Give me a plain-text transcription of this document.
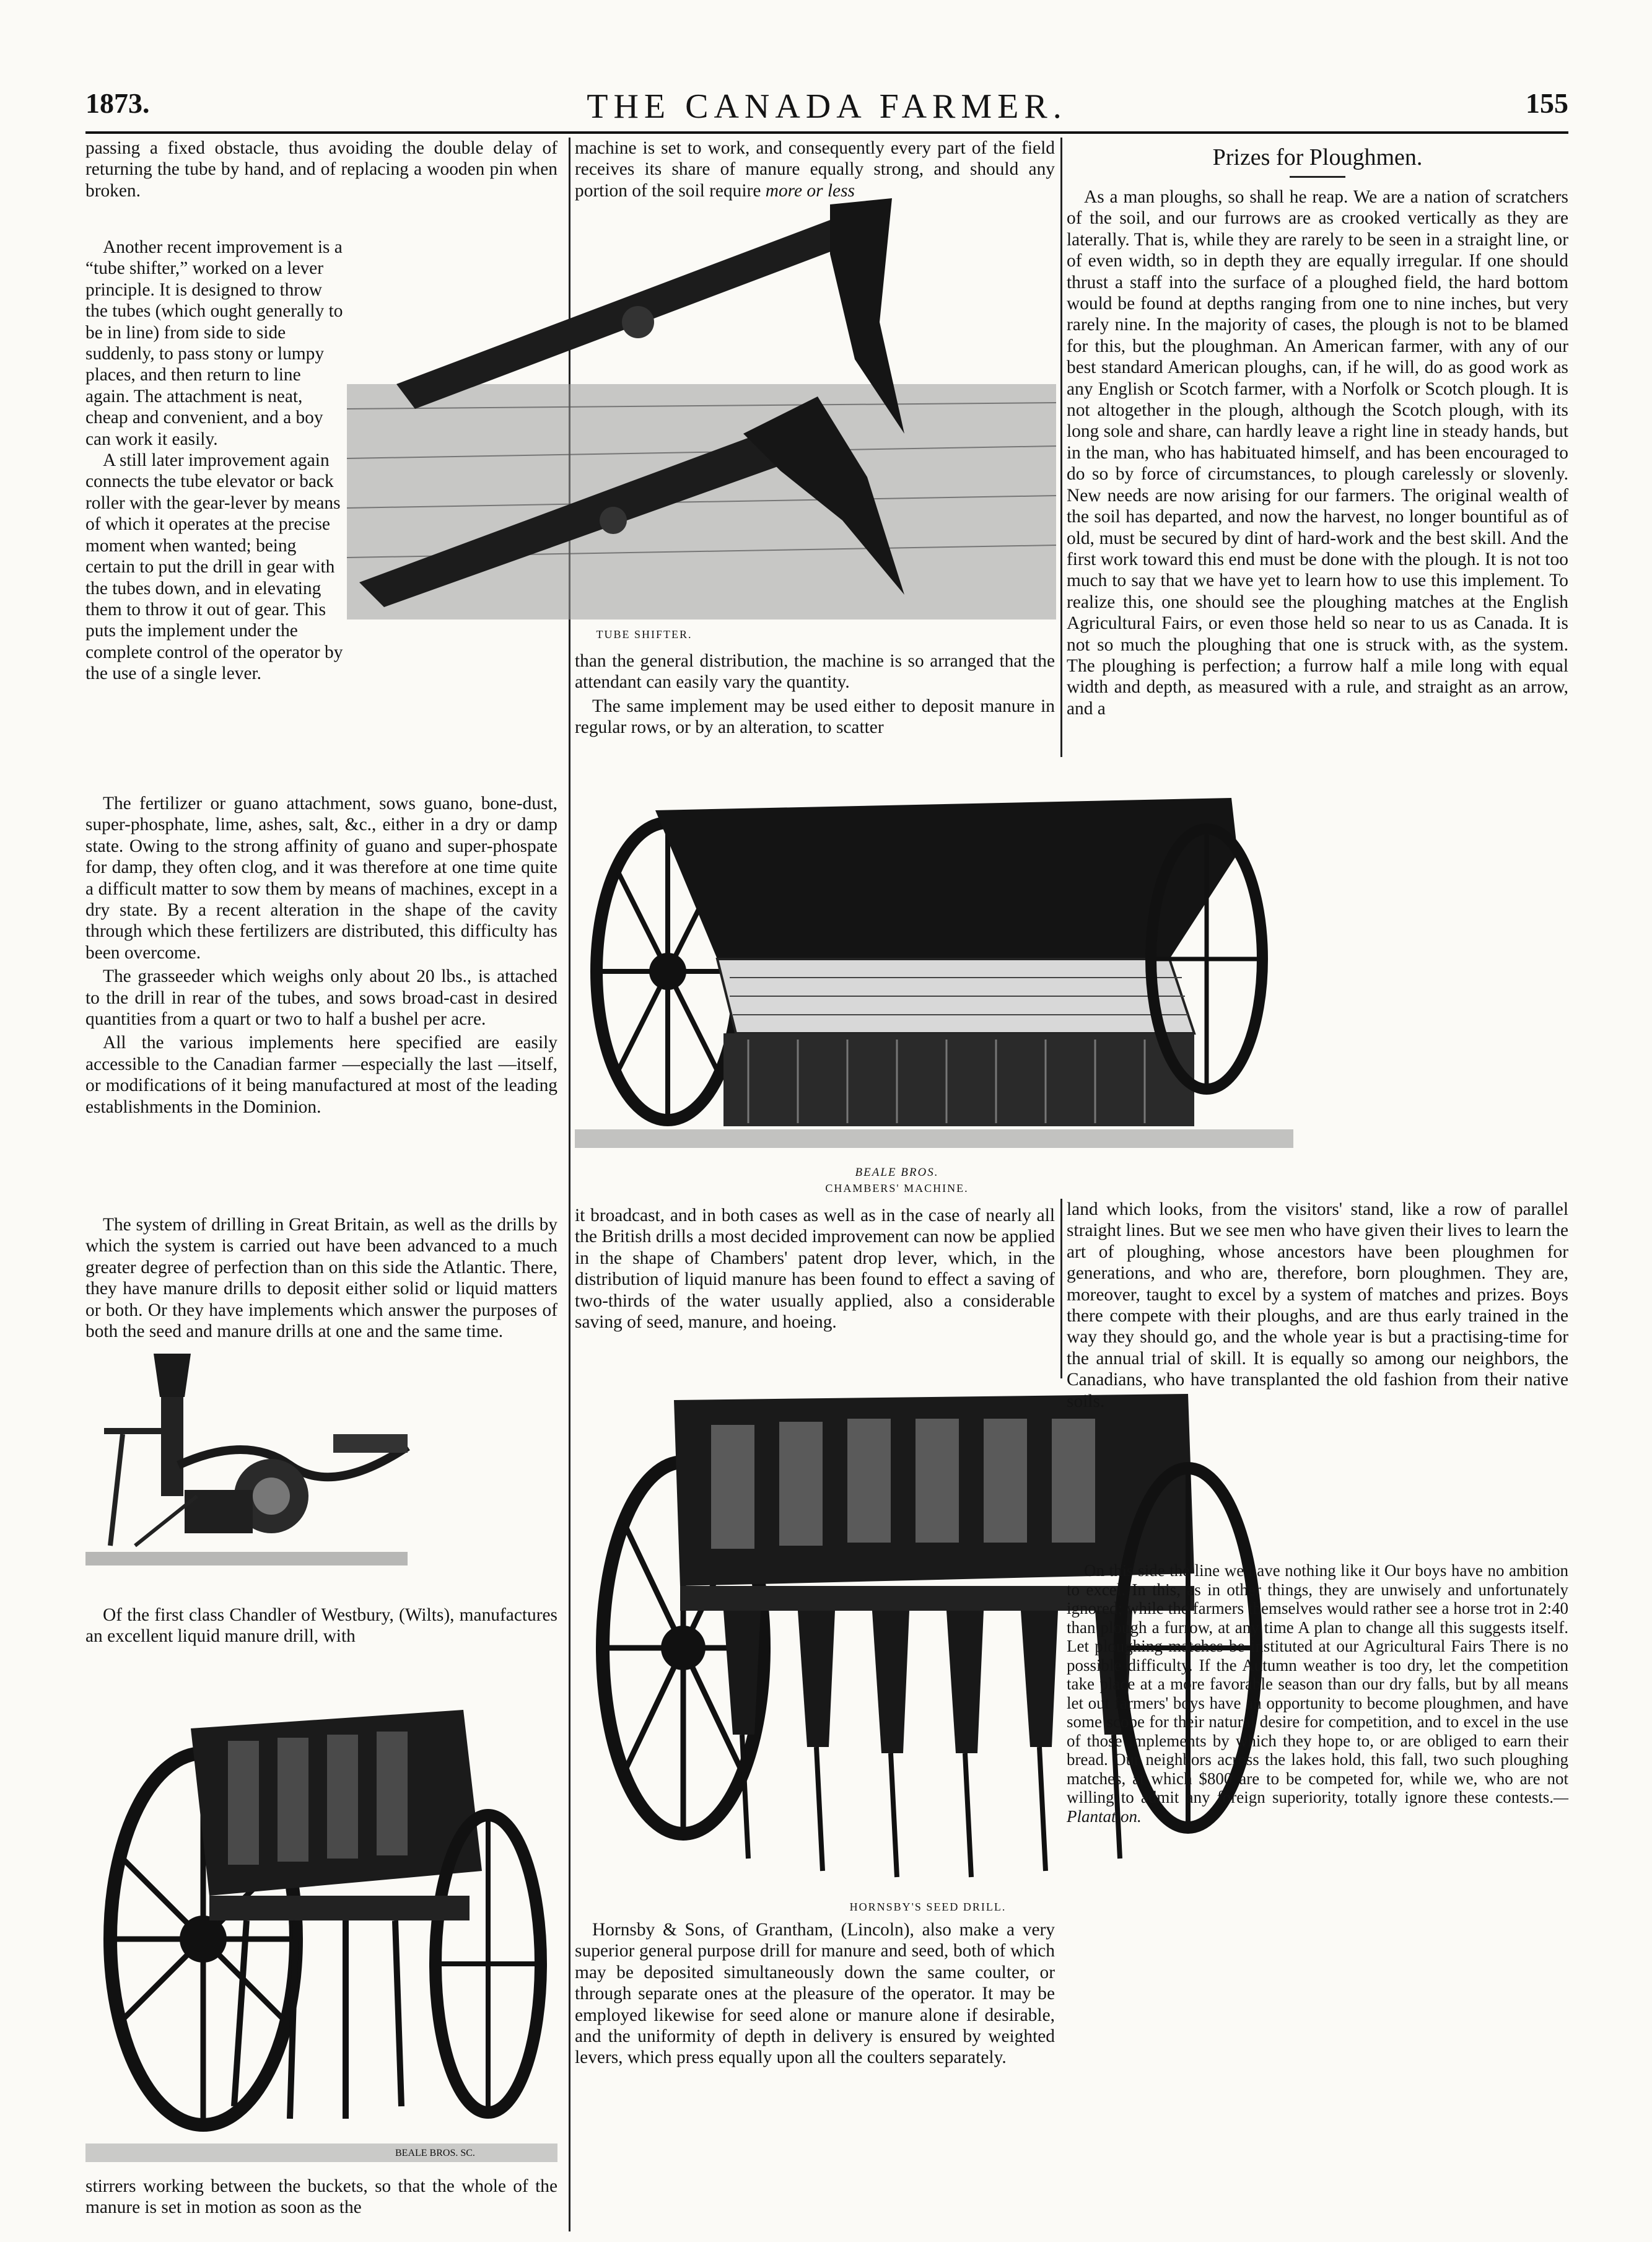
1873.	THE CANADA FARMER.	155

passing a fixed obstacle, thus avoiding the double delay of returning the tube by hand, and of replacing a wooden pin when broken.

Another recent improvement is a “tube shifter,” worked on a lever principle. It is designed to throw the tubes (which ought generally to be in line) from side to side suddenly, to pass stony or lumpy places, and then return to line again. The attachment is neat, cheap and convenient, and a boy can work it easily.

A still later improvement again connects the tube elevator or back roller with the gear-lever by means of which it operates at the precise moment when wanted; being certain to put the drill in gear with the tubes down, and in elevating them to throw it out of gear. This puts the implement under the complete control of the operator by the use of a single lever.

The fertilizer or guano attachment, sows guano, bone-dust, super-phosphate, lime, ashes, salt, &c., either in a dry or damp state. Owing to the strong affinity of guano and super-phospate for damp, they often clog, and it was therefore at one time quite a difficult matter to sow them by means of machines, except in a dry state. By a recent alteration in the shape of the cavity through which these fertilizers are distributed, this difficulty has been overcome.

The grasseeder which weighs only about 20 lbs., is attached to the drill in rear of the tubes, and sows broad-cast in desired quantities from a quart or two to half a bushel per acre.

All the various implements here specified are easily accessible to the Canadian farmer —especially the last —itself, or modifications of it being manufactured at most of the leading establishments in the Dominion.

The system of drilling in Great Britain, as well as the drills by which the system is carried out have been advanced to a much greater degree of perfection than on this side the Atlantic. There, they have manure drills to deposit either solid or liquid matters or both. Or they have implements which answer the purposes of both the seed and manure drills at one and the same time.

Of the first class Chandler of Westbury, (Wilts), manufactures an excellent liquid manure drill, with

stirrers working between the buckets, so that the whole of the manure is set in motion as soon as the

BEALE BROS. SC.
TUBE SHIFTER.

machine is set to work, and consequently every part of the field receives its share of manure equally strong, and should any portion of the soil require more or less

than the general distribution, the machine is so arranged that the attendant can easily vary the quantity.

The same implement may be used either to deposit manure in regular rows, or by an alteration, to scatter

BEALE BROS.
CHAMBERS' MACHINE.

it broadcast, and in both cases as well as in the case of nearly all the British drills a most decided improvement can now be applied in the shape of Chambers' patent drop lever, which, in the distribution of liquid manure has been found to effect a saving of two-thirds of the water usually applied, also a considerable saving of seed, manure, and hoeing.

HORNSBY'S SEED DRILL.

Hornsby & Sons, of Grantham, (Lincoln), also make a very superior general purpose drill for manure and seed, both of which may be deposited simultaneously down the same coulter, or through separate ones at the pleasure of the operator. It may be employed likewise for seed alone or manure alone if desirable, and the uniformity of depth in delivery is ensured by weighted levers, which press equally upon all the coulters separately.

Prizes for Ploughmen.

As a man ploughs, so shall he reap. We are a nation of scratchers of the soil, and our furrows are as crooked vertically as they are laterally. That is, while they are rarely to be seen in a straight line, or of even width, so in depth they are equally irregular. If one should thrust a staff into the surface of a ploughed field, the hard bottom would be found at depths ranging from one to nine inches, but very rarely nine. In the majority of cases, the plough is not to be blamed for this, but the ploughman. An American farmer, with any of our best standard American ploughs, can, if he will, do as good work as any English or Scotch farmer, with a Norfolk or Scotch plough. It is not altogether in the plough, although the Scotch plough, with its long sole and share, can hardly leave a right line in steady hands, but in the man, who has habituated himself, and has been encouraged to do so by force of circumstances, to plough carelessly or slovenly. New needs are now arising for our farmers. The original wealth of the soil has departed, and now the harvest, no longer bountiful as of old, must be secured by dint of hard-work and the best skill. And the first work toward this end must be done with the plough. It is not too much to say that we have yet to learn how to use this implement. To realize this, one should see the ploughing matches at the English Agricultural Fairs, or even those held so near to us as Canada. It is not so much the ploughing that one is struck with, as the system. The ploughing is perfection; a furrow half a mile long with equal width and depth, as measured with a rule, and straight as an arrow, and a

land which looks, from the visitors' stand, like a row of parallel straight lines. But we see men who have given their lives to learn the art of ploughing, whose ancestors have been ploughmen for generations, and who are, therefore, born ploughmen. They are, moreover, taught to excel by a system of matches and prizes. Boys there compete with their ploughs, and are thus early trained in the way they should go, and the whole year is but a practising-time for the annual trial of skill. It is equally so among our neighbors, the Canadians, who have transplanted the old fashion from their native soils.

On this side the line we have nothing like it Our boys have no ambition to excel. In this, as in other things, they are unwisely and unfortunately ignored; while the farmers themselves would rather see a horse trot in 2:40 than plough a furrow, at any time A plan to change all this suggests itself. Let ploughing matches be instituted at our Agricultural Fairs There is no possible difficulty. If the Autumn weather is too dry, let the competition take place at a more favorable season than our dry falls, but by all means let out farmers' boys have an opportunity to become ploughmen, and have some scope for their natural desire for competition, and to excel in the use of those implements by which they hope to, or are obliged to earn their bread. Our neighbors across the lakes hold, this fall, two such ploughing matches, at which $800 are to be competed for, while we, who are not willing to admit any foreign superiority, totally ignore these contests.—Plantation.
